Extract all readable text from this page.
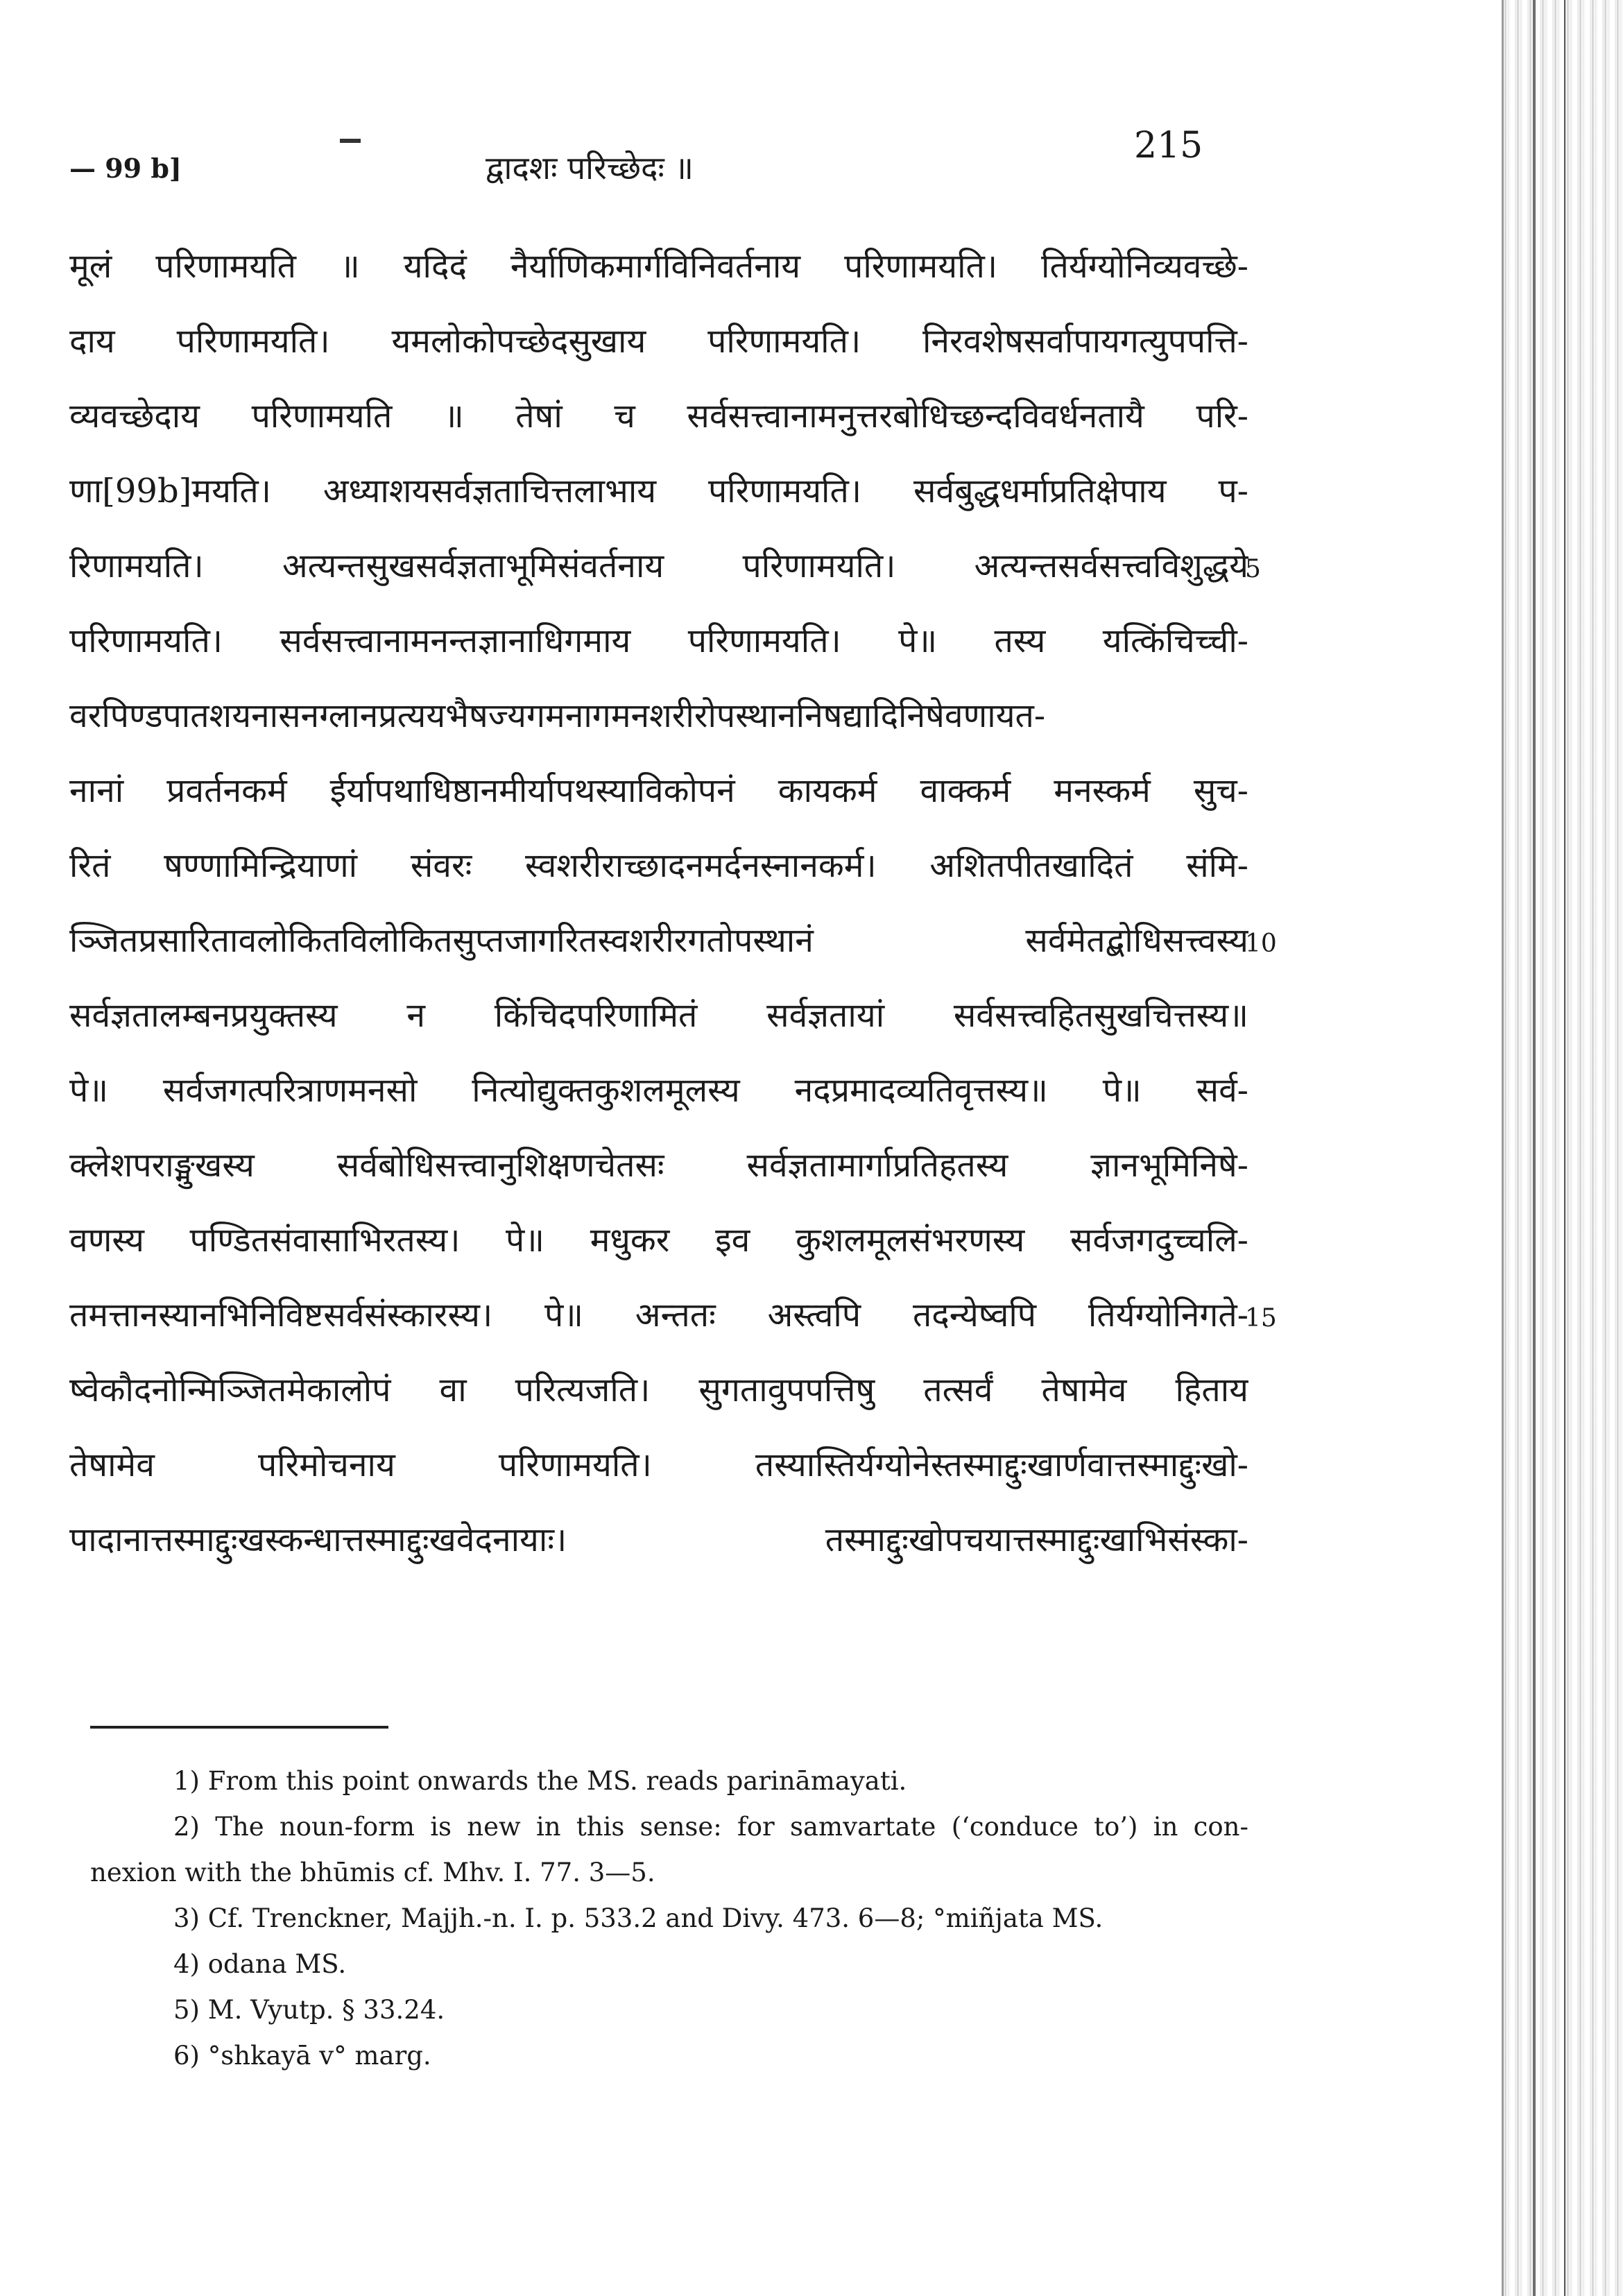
— 99 b]	द्वादशः परिच्छेदः ॥
215
मूलं परिणामयति ॥ यदिदं नैर्याणिकमार्गविनिवर्तनाय परिणामयति। तिर्यग्योनिव्यवच्छे-
दाय परिणामयति। यमलोकोपच्छेदसुखाय परिणामयति। निरवशेषसर्वापायगत्युपपत्ति-
व्यवच्छेदाय परिणामयति ॥ तेषां च सर्वसत्त्वानामनुत्तरबोधिच्छन्दविवर्धनतायै परि-
णा[99b]मयति। अध्याशयसर्वज्ञताचित्तलाभाय परिणामयति। सर्वबुद्धधर्माप्रतिक्षेपाय प-
रिणामयति। अत्यन्तसुखसर्वज्ञताभूमिसंवर्तनाय परिणामयति। अत्यन्तसर्वसत्त्वविशुद्धये
परिणामयति। सर्वसत्त्वानामनन्तज्ञानाधिगमाय परिणामयति। पे॥ तस्य यत्किंचिच्ची-
वरपिण्डपातशयनासनग्लानप्रत्ययभैषज्यगमनागमनशरीरोपस्थाननिषद्यादिनिषेवणायत-
नानां प्रवर्तनकर्म ईर्यापथाधिष्ठानमीर्यापथस्याविकोपनं कायकर्म वाक्कर्म मनस्कर्म सुच-
रितं षण्णामिन्द्रियाणां संवरः स्वशरीराच्छादनमर्दनस्नानकर्म। अशितपीतखादितं संमि-
ञ्जितप्रसारितावलोकितविलोकितसुप्तजागरितस्वशरीरगतोपस्थानं सर्वमेतद्बोधिसत्त्वस्य
सर्वज्ञतालम्बनप्रयुक्तस्य न किंचिदपरिणामितं सर्वज्ञतायां सर्वसत्त्वहितसुखचित्तस्य॥
पे॥ सर्वजगत्परित्राणमनसो नित्योद्युक्तकुशलमूलस्य नदप्रमादव्यतिवृत्तस्य॥ पे॥ सर्व-
क्लेशपराङ्मुखस्य सर्वबोधिसत्त्वानुशिक्षणचेतसः सर्वज्ञतामार्गाप्रतिहतस्य ज्ञानभूमिनिषे-
वणस्य पण्डितसंवासाभिरतस्य। पे॥ मधुकर इव कुशलमूलसंभरणस्य सर्वजगदुच्चलि-
तमत्तानस्यानभिनिविष्टसर्वसंस्कारस्य। पे॥ अन्ततः अस्त्वपि तदन्येष्वपि तिर्यग्योनिगते-
ष्वेकौदनोन्मिञ्जितमेकालोपं वा परित्यजति। सुगतावुपपत्तिषु तत्सर्वं तेषामेव हिताय
तेषामेव परिमोचनाय परिणामयति। तस्यास्तिर्यग्योनेस्तस्माद्दुःखार्णवात्तस्माद्दुःखो-
पादानात्तस्माद्दुःखस्कन्धात्तस्माद्दुःखवेदनायाः। तस्माद्दुःखोपचयात्तस्माद्दुःखाभिसंस्का-
5
10
15
1) From this point onwards the MS. reads parināmayati.
2) The noun-form is new in this sense: for samvartate (‘conduce to’) in con-
nexion with the bhūmis cf. Mhv. I. 77. 3—5.
3) Cf. Trenckner, Majjh.-n. I. p. 533.2 and Divy. 473. 6—8; °miñjata MS.
4) odana MS.
5) M. Vyutp. § 33.24.
6) °shkayā v° marg.
